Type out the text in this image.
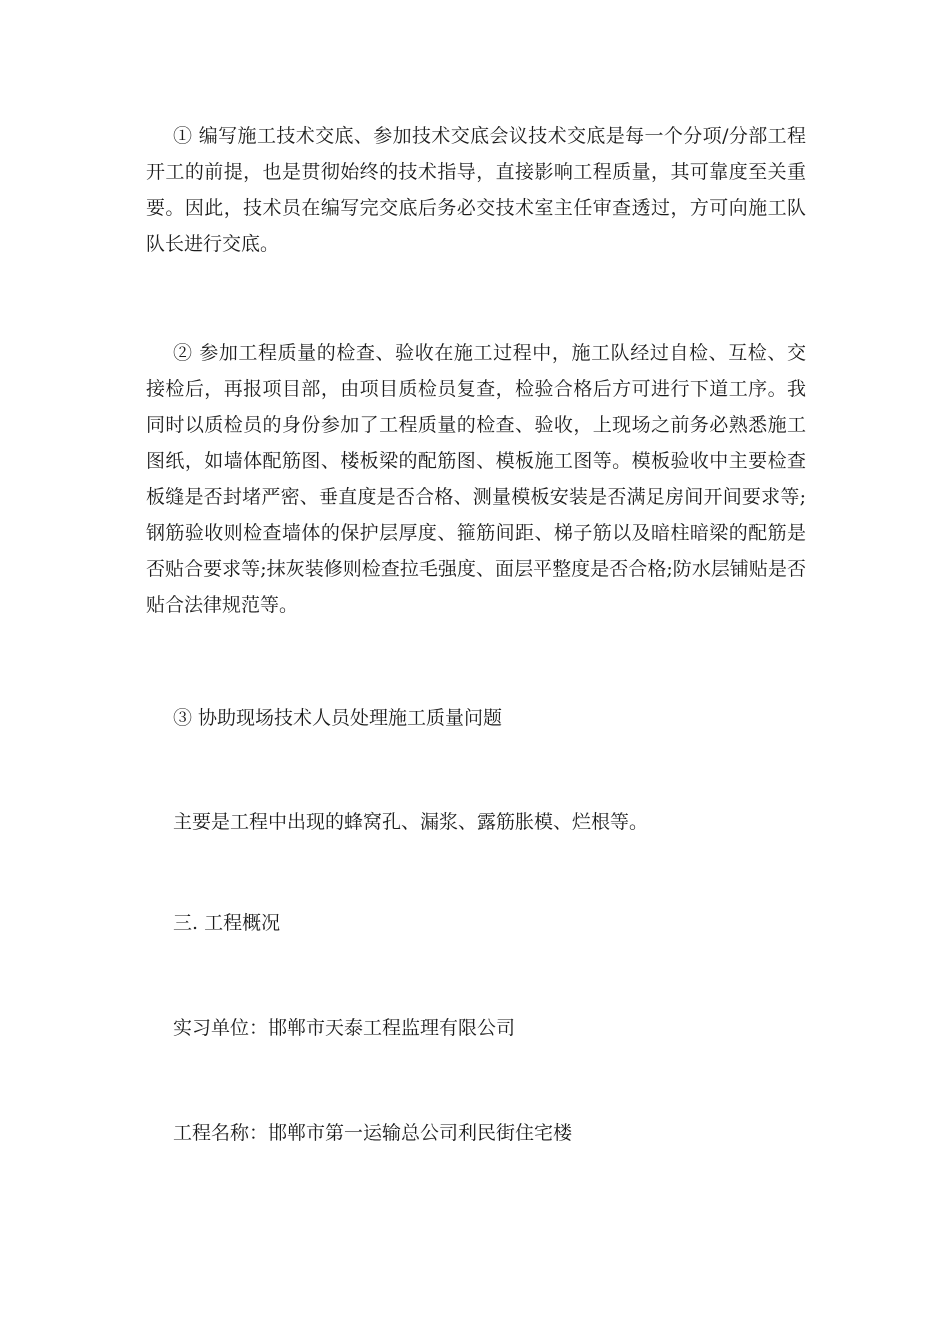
① 编写施工技术交底、参加技术交底会议技术交底是每一个分项/分部工程开工的前提，也是贯彻始终的技术指导，直接影响工程质量，其可靠度至关重要。因此，技术员在编写完交底后务必交技术室主任审查透过，方可向施工队队长进行交底。

② 参加工程质量的检查、验收在施工过程中，施工队经过自检、互检、交接检后，再报项目部，由项目质检员复查，检验合格后方可进行下道工序。我同时以质检员的身份参加了工程质量的检查、验收，上现场之前务必熟悉施工图纸，如墙体配筋图、楼板梁的配筋图、模板施工图等。模板验收中主要检查板缝是否封堵严密、垂直度是否合格、测量模板安装是否满足房间开间要求等;钢筋验收则检查墙体的保护层厚度、箍筋间距、梯子筋以及暗柱暗梁的配筋是否贴合要求等;抹灰装修则检查拉毛强度、面层平整度是否合格;防水层铺贴是否贴合法律规范等。

③ 协助现场技术人员处理施工质量问题

主要是工程中出现的蜂窝孔、漏浆、露筋胀模、烂根等。

三. 工程概况

实习单位：邯郸市天泰工程监理有限公司

工程名称：邯郸市第一运输总公司利民街住宅楼
